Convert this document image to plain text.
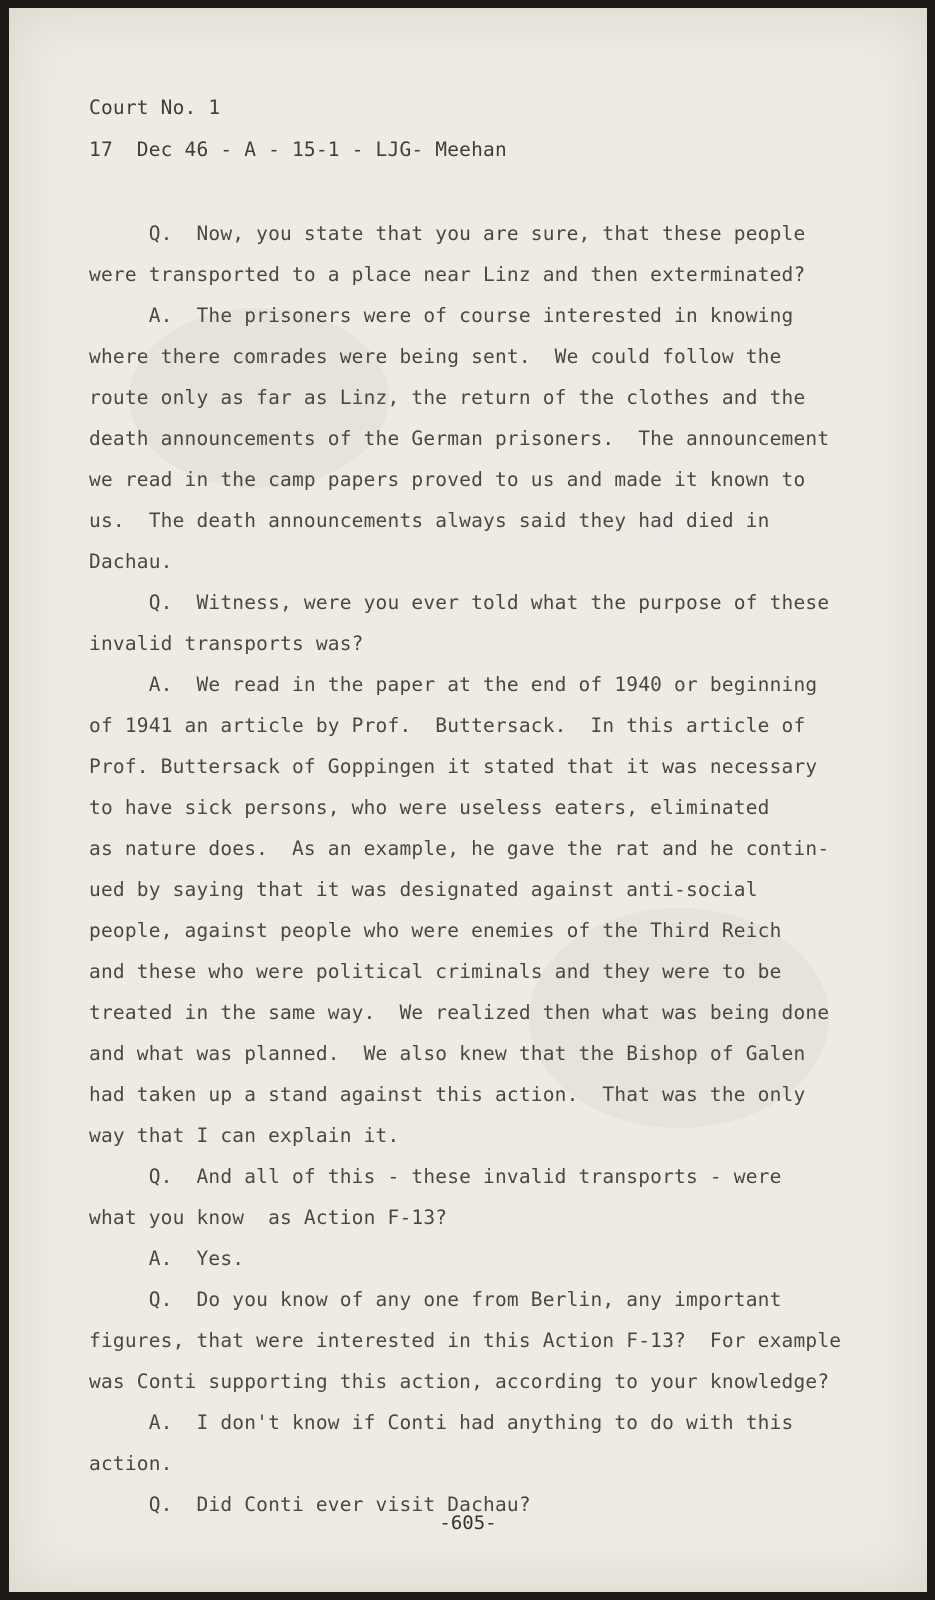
Court No. 1
17  Dec 46 - A - 15-1 - LJG- Meehan
Q.  Now, you state that you are sure, that these people
were transported to a place near Linz and then exterminated?
A.  The prisoners were of course interested in knowing
where there comrades were being sent.  We could follow the
route only as far as Linz, the return of the clothes and the
death announcements of the German prisoners.  The announcement
we read in the camp papers proved to us and made it known to
us.  The death announcements always said they had died in
Dachau.
Q.  Witness, were you ever told what the purpose of these
invalid transports was?
A.  We read in the paper at the end of 1940 or beginning
of 1941 an article by Prof.  Buttersack.  In this article of
Prof. Buttersack of Goppingen it stated that it was necessary
to have sick persons, who were useless eaters, eliminated
as nature does.  As an example, he gave the rat and he contin-
ued by saying that it was designated against anti-social
people, against people who were enemies of the Third Reich
and these who were political criminals and they were to be
treated in the same way.  We realized then what was being done
and what was planned.  We also knew that the Bishop of Galen
had taken up a stand against this action.  That was the only
way that I can explain it.
Q.  And all of this - these invalid transports - were
what you know  as Action F-13?
A.  Yes.
Q.  Do you know of any one from Berlin, any important
figures, that were interested in this Action F-13?  For example
was Conti supporting this action, according to your knowledge?
A.  I don't know if Conti had anything to do with this
action.
Q.  Did Conti ever visit Dachau?
-605-
